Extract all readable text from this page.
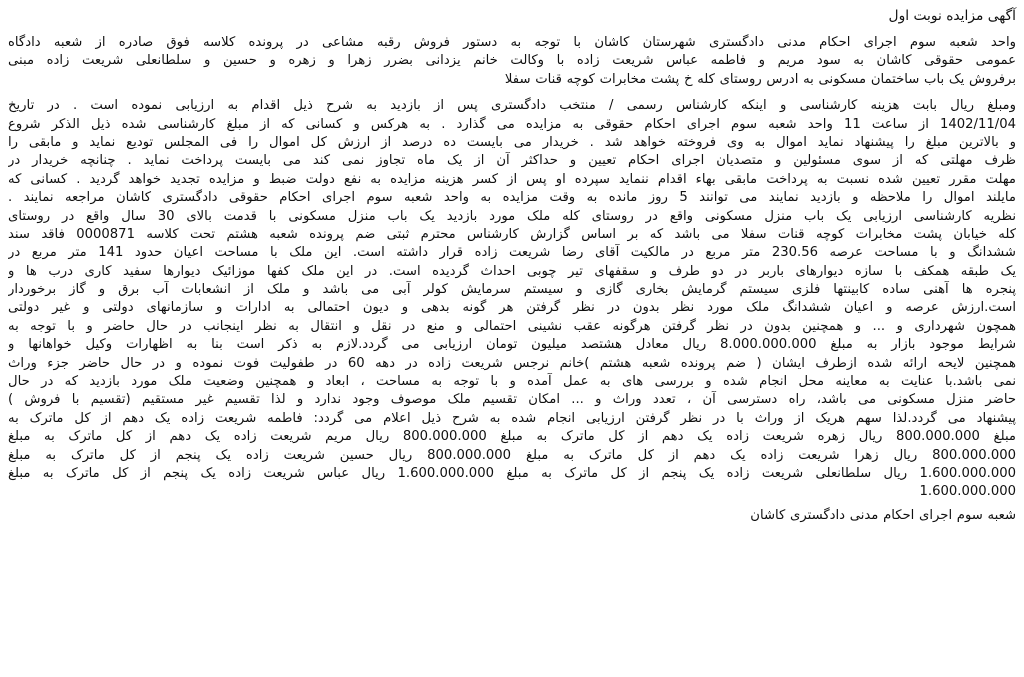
آگهی مزایده نوبت اول
واحد شعبه سوم اجرای احکام مدنی دادگستری شهرستان کاشان با توجه به دستور فروش رقبه مشاعی در پرونده کلاسه فوق صادره از شعبه دادگاه
عمومی حقوقی کاشان به سود مریم و فاطمه عباس شریعت زاده با وکالت خانم یزدانی بضرر زهرا و زهره و حسین و سلطانعلی شریعت زاده مبنی
برفروش یک باب ساختمان مسکونی به ادرس روستای کله خ پشت مخابرات کوچه قنات سفلا
ومبلغ ریال بابت هزینه کارشناسی و اینکه کارشناس رسمی / منتخب دادگستری پس از بازدید به شرح ذیل اقدام به ارزیابی نموده است . در تاریخ
1402/11/04 از ساعت 11 واحد شعبه سوم اجرای احکام حقوقی به مزایده می گذارد . به هرکس و کسانی که از مبلغ کارشناسی شده ذیل الذکر شروع
و بالاترین مبلغ را پیشنهاد نماید اموال به وی فروخته خواهد شد . خریدار می بایست ده درصد از ارزش کل اموال را فی المجلس تودیع نماید و مابقی را
ظرف مهلتی که از سوی مسئولین و متصدیان اجرای احکام تعیین و حداکثر آن از یک ماه تجاوز نمی کند می بایست پرداخت نماید . چنانچه خریدار در
مهلت مقرر تعیین شده نسبت به پرداخت مابقی بهاء اقدام ننماید سپرده او پس از کسر هزینه مزایده به نفع دولت ضبط و مزایده تجدید خواهد گردید . کسانی که
مایلند اموال را ملاحظه و بازدید نمایند می توانند 5 روز مانده به وقت مزایده به واحد شعبه سوم اجرای احکام حقوقی دادگستری کاشان مراجعه نمایند .
نظریه کارشناسی ارزیابی یک باب منزل مسکونی واقع در روستای کله ملک مورد بازدید یک باب منزل مسکونی با قدمت بالای 30 سال واقع در روستای
کله خیابان پشت مخابرات کوچه قنات سفلا می باشد که بر اساس گزارش کارشناس محترم ثبتی ضم پرونده شعبه هشتم تحت کلاسه 0000871 فاقد سند
ششدانگ و با مساحت عرصه 230.56 متر مربع در مالکیت آقای رضا شریعت زاده قرار داشته است. این ملک با مساحت اعیان حدود 141 متر مربع در
یک طبقه همکف با سازه دیوارهای باربر در دو طرف و سقفهای تیر چوبی احداث گردیده است. در این ملک کفها موزائیک دیوارها سفید کاری درب ها و
پنجره ها آهنی ساده کابینتها فلزی سیستم گرمایش بخاری گازی و سیستم سرمایش کولر آبی می باشد و ملک از انشعابات آب برق و گاز برخوردار
است.ارزش عرصه و اعیان ششدانگ ملک مورد نظر بدون در نظر گرفتن هر گونه بدهی و دیون احتمالی به ادارات و سازمانهای دولتی و غیر دولتی
همچون شهرداری و ... و همچنین بدون در نظر گرفتن هرگونه عقب نشینی احتمالی و منع در نقل و انتقال به نظر اینجانب در حال حاضر و با توجه به
شرایط موجود بازار به مبلغ 8.000.000.000 ریال معادل هشتصد میلیون تومان ارزیابی می گردد.لازم به ذکر است بنا به اظهارات وکیل خواهانها و
همچنین لایحه ارائه شده ازطرف ایشان ( ضم پرونده شعبه هشتم )خانم نرجس شریعت زاده در دهه 60 در طفولیت فوت نموده و در حال حاضر جزء وراث
نمی باشد.با عنایت به معاینه محل انجام شده و بررسی های به عمل آمده و با توجه به مساحت ، ابعاد و همچنین وضعیت ملک مورد بازدید که در حال
حاضر منزل مسکونی می باشد، راه دسترسی آن ، تعدد وراث و ... امکان تقسیم ملک موصوف وجود ندارد و لذا تقسیم غیر مستقیم (تقسیم با فروش )
پیشنهاد می گردد.لذا سهم هریک از وراث با در نظر گرفتن ارزیابی انجام شده به شرح ذیل اعلام می گردد: فاطمه شریعت زاده یک دهم از کل ماترک به
مبلغ 800.000.000 ریال زهره شریعت زاده یک دهم از کل ماترک به مبلغ 800.000.000 ریال مریم شریعت زاده یک دهم از کل ماترک به مبلغ
800.000.000 ریال زهرا شریعت زاده یک دهم از کل ماترک به مبلغ 800.000.000 ریال حسین شریعت زاده یک پنجم از کل ماترک به مبلغ
1.600.000.000 ریال سلطانعلی شریعت زاده یک پنجم از کل ماترک به مبلغ 1.600.000.000 ریال عباس شریعت زاده یک پنجم از کل ماترک به مبلغ
1.600.000.000
شعبه سوم اجرای احکام مدنی دادگستری کاشان
